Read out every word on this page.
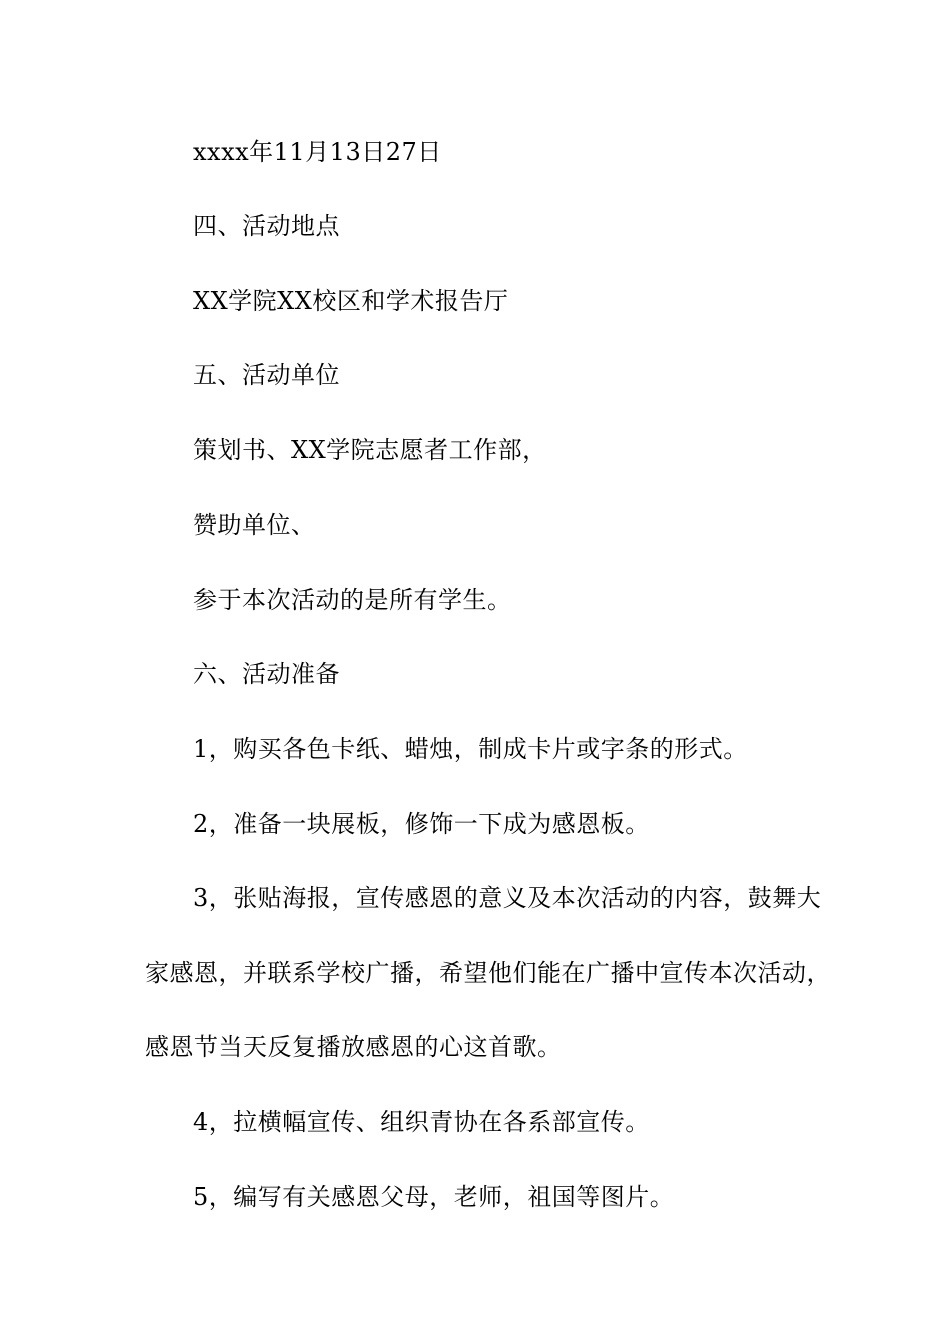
xxxx年11月13日27日
四、活动地点
XX学院XX校区和学术报告厅
五、活动单位
策划书、XX学院志愿者工作部，
赞助单位、
参于本次活动的是所有学生。
六、活动准备
1，购买各色卡纸、蜡烛，制成卡片或字条的形式。
2，准备一块展板，修饰一下成为感恩板。
3，张贴海报，宣传感恩的意义及本次活动的内容，鼓舞大
家感恩，并联系学校广播，希望他们能在广播中宣传本次活动，
感恩节当天反复播放感恩的心这首歌。
4，拉横幅宣传、组织青协在各系部宣传。
5，编写有关感恩父母，老师，祖国等图片。
